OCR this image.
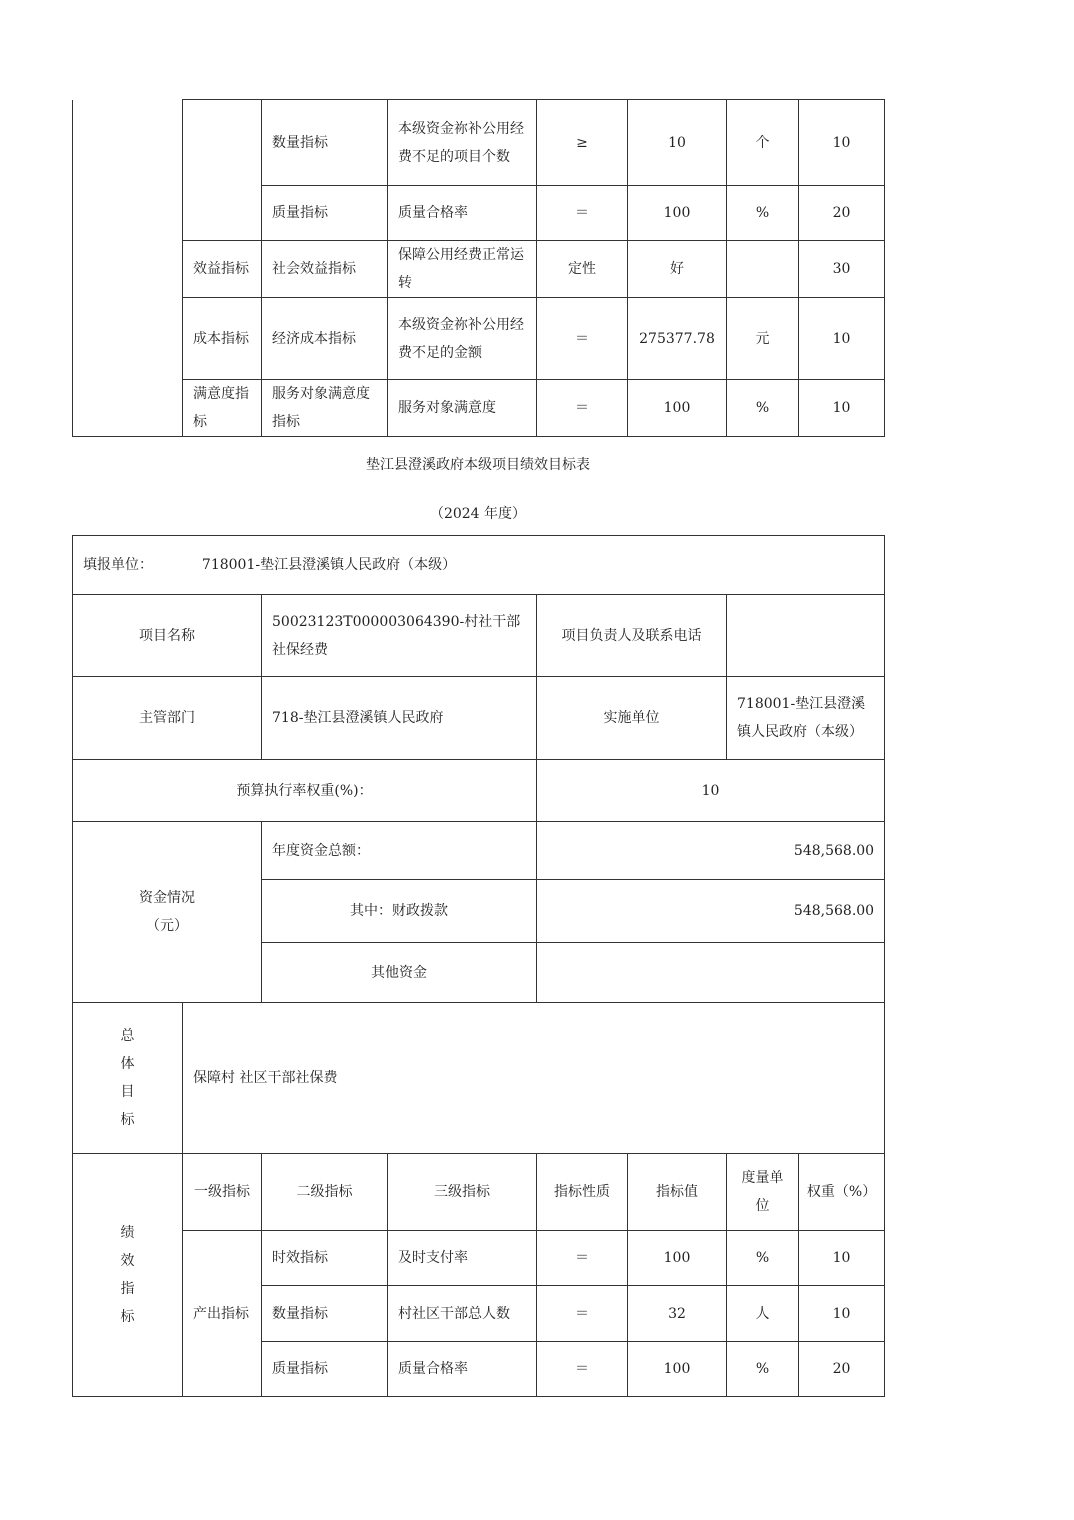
		数量指标	本级资金祢补公用经费不足的项目个数	≥	10	个	10
		质量指标	质量合格率	＝	100	%	20
	效益指标	社会效益指标	保障公用经费正常运转	定性	好		30
	成本指标	经济成本指标	本级资金祢补公用经费不足的金额	＝	275377.78	元	10
	满意度指标	服务对象满意度指标	服务对象满意度	＝	100	%	10
垫江县澄溪政府本级项目绩效目标表
（2024 年度）
填报单位： 718001-垫江县澄溪镇人民政府（本级）							
项目名称		50023123T000003064390-村社干部社保经费		项目负责人及联系电话			
主管部门		718-垫江县澄溪镇人民政府		实施单位		718001-垫江县澄溪镇人民政府（本级）	
预算执行率权重(%)：				10			

资金情况
（元）		年度资金总额：		548,568.00			
		其中：财政拨款		548,568.00			
		其他资金					

总
体
目
标	保障村 社区干部社保费						

绩
效
指
标	一级指标	二级指标	三级指标	指标性质	指标值	度量单位	权重（%）
	产出指标	时效指标	及时支付率	＝	100	%	10
		数量指标	村社区干部总人数	＝	32	人	10
		质量指标	质量合格率	＝	100	%	20
